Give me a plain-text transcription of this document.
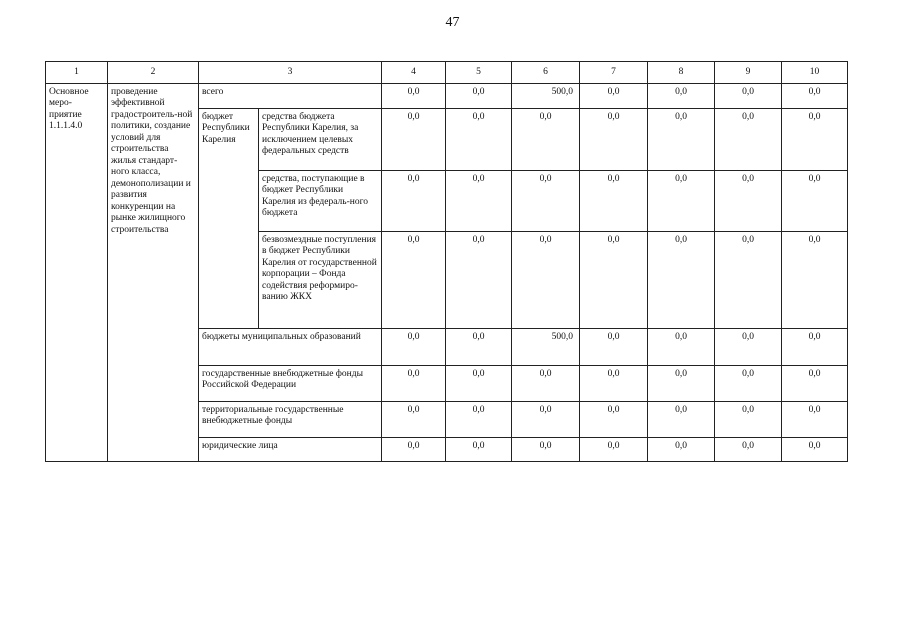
47
1	2	3		4	5	6	7	8	9	10
Основное меро-приятие 1.1.1.4.0	проведение эффективной градостроитель-ной политики, создание условий для строительства жилья стандарт-ного класса, демонополизации и развития конкуренции на рынке жилищного строительства	всего		0,0	0,0	500,0	0,0	0,0	0,0	0,0
		бюджет Республики Карелия	средства бюджета Республики Карелия, за исключением целевых федеральных средств	0,0	0,0	0,0	0,0	0,0	0,0	0,0
			средства, поступающие в бюджет Республики Карелия из федераль-ного бюджета	0,0	0,0	0,0	0,0	0,0	0,0	0,0
			безвозмездные поступления в бюджет Республики Карелия от государственной корпорации – Фонда содействия реформиро-ванию ЖКХ	0,0	0,0	0,0	0,0	0,0	0,0	0,0
		бюджеты муниципальных образований		0,0	0,0	500,0	0,0	0,0	0,0	0,0
		государственные внебюджетные фонды Российской Федерации		0,0	0,0	0,0	0,0	0,0	0,0	0,0
		территориальные государственные внебюджетные фонды		0,0	0,0	0,0	0,0	0,0	0,0	0,0
		юридические лица		0,0	0,0	0,0	0,0	0,0	0,0	0,0
